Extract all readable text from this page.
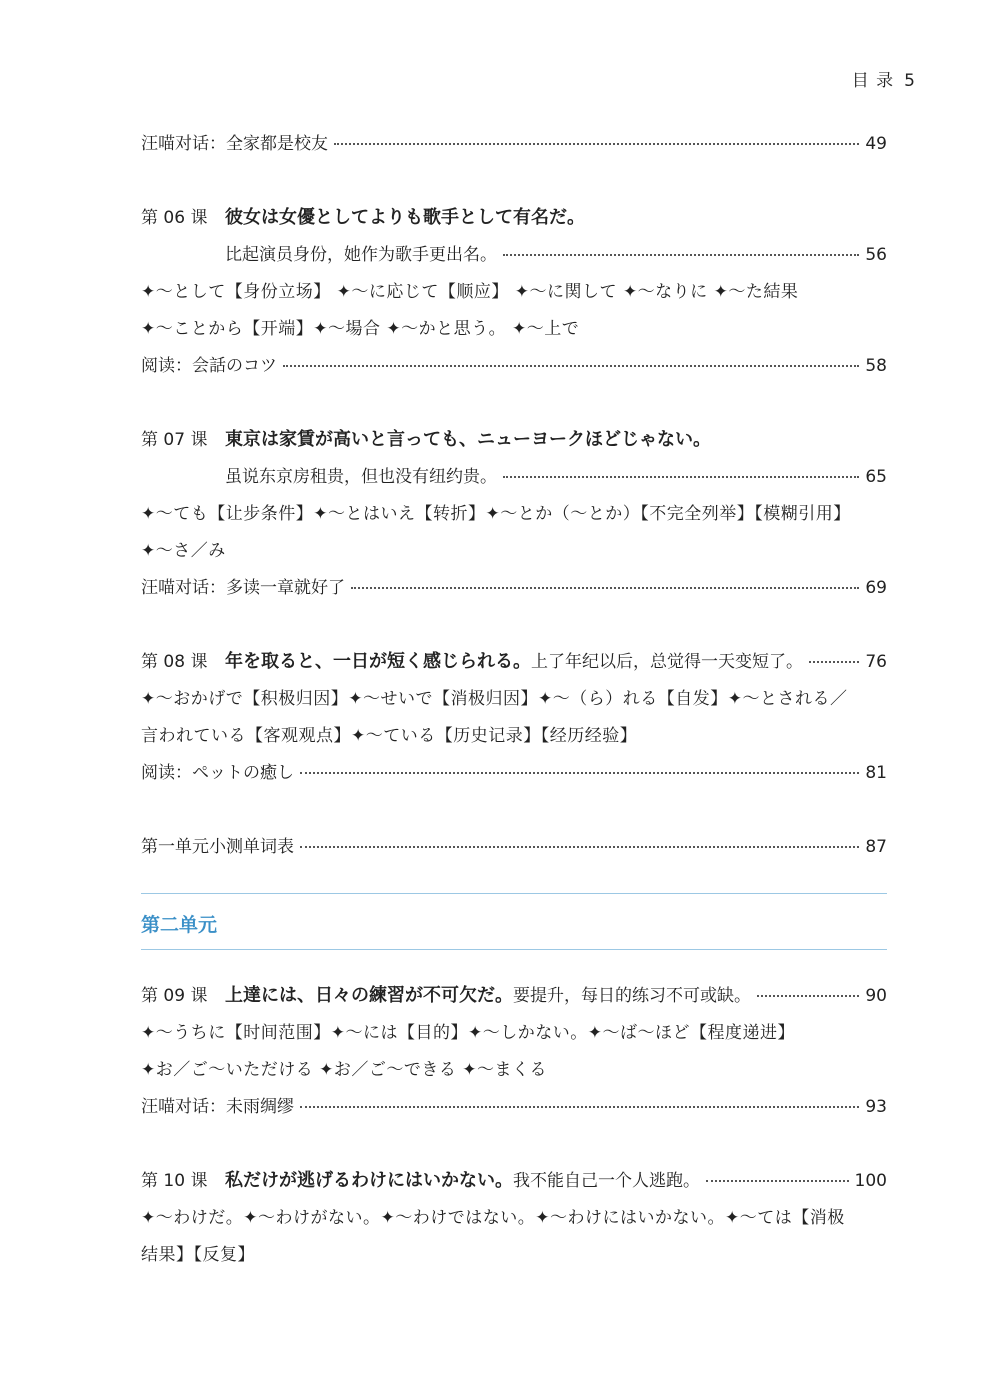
目 录 5
汪喵对话：全家都是校友	49
第 06 课 彼女は女優としてよりも歌手として有名だ。
比起演员身份，她作为歌手更出名。	56
✦～として【身份立场】 ✦～に応じて【顺应】 ✦～に関して ✦～なりに ✦～た結果
✦～ことから【开端】✦～場合 ✦～かと思う。 ✦～上で
阅读：会話のコツ	58
第 07 课 東京は家賃が高いと言っても、ニューヨークほどじゃない。
虽说东京房租贵，但也没有纽约贵。	65
✦～ても【让步条件】✦～とはいえ【转折】✦～とか（～とか）【不完全列举】【模糊引用】
✦～さ／み
汪喵对话：多读一章就好了	69
第 08 课 年を取ると、一日が短く感じられる。 上了年纪以后，总觉得一天变短了。	76
✦～おかげで【积极归因】✦～せいで【消极归因】✦～（ら）れる【自发】✦～とされる／
言われている【客观观点】✦～ている【历史记录】【经历经验】
阅读：ペットの癒し	81
第一单元小测单词表	87
第二单元
第 09 课 上達には、日々の練習が不可欠だ。 要提升，每日的练习不可或缺。	90
✦～うちに【时间范围】✦～には【目的】✦～しかない。✦～ば～ほど【程度递进】
✦お／ご～いただける ✦お／ご～できる ✦～まくる
汪喵对话：未雨绸缪	93
第 10 课 私だけが逃げるわけにはいかない。 我不能自己一个人逃跑。	100
✦～わけだ。✦～わけがない。✦～わけではない。✦～わけにはいかない。✦～ては【消极
结果】【反复】
